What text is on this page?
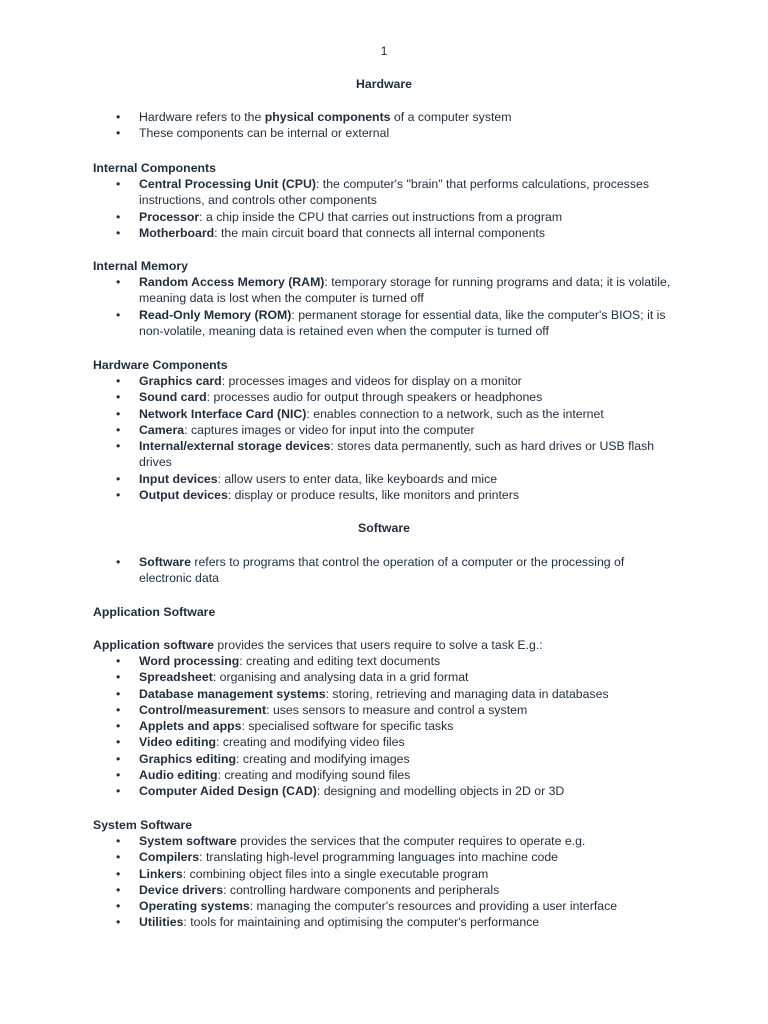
1
Hardware
• Hardware refers to the physical components of a computer system
• These components can be internal or external
Internal Components
• Central Processing Unit (CPU): the computer's "brain" that performs calculations, processes instructions, and controls other components
• Processor: a chip inside the CPU that carries out instructions from a program
• Motherboard: the main circuit board that connects all internal components
Internal Memory
• Random Access Memory (RAM): temporary storage for running programs and data; it is volatile, meaning data is lost when the computer is turned off
• Read-Only Memory (ROM): permanent storage for essential data, like the computer's BIOS; it is non-volatile, meaning data is retained even when the computer is turned off
Hardware Components
• Graphics card: processes images and videos for display on a monitor
• Sound card: processes audio for output through speakers or headphones
• Network Interface Card (NIC): enables connection to a network, such as the internet
• Camera: captures images or video for input into the computer
• Internal/external storage devices: stores data permanently, such as hard drives or USB flash drives
• Input devices: allow users to enter data, like keyboards and mice
• Output devices: display or produce results, like monitors and printers
Software
• Software refers to programs that control the operation of a computer or the processing of electronic data
Application Software
Application software provides the services that users require to solve a task E.g.:
• Word processing: creating and editing text documents
• Spreadsheet: organising and analysing data in a grid format
• Database management systems: storing, retrieving and managing data in databases
• Control/measurement: uses sensors to measure and control a system
• Applets and apps: specialised software for specific tasks
• Video editing: creating and modifying video files
• Graphics editing: creating and modifying images
• Audio editing: creating and modifying sound files
• Computer Aided Design (CAD): designing and modelling objects in 2D or 3D
System Software
• System software provides the services that the computer requires to operate e.g.
• Compilers: translating high-level programming languages into machine code
• Linkers: combining object files into a single executable program
• Device drivers: controlling hardware components and peripherals
• Operating systems: managing the computer's resources and providing a user interface
• Utilities: tools for maintaining and optimising the computer's performance
